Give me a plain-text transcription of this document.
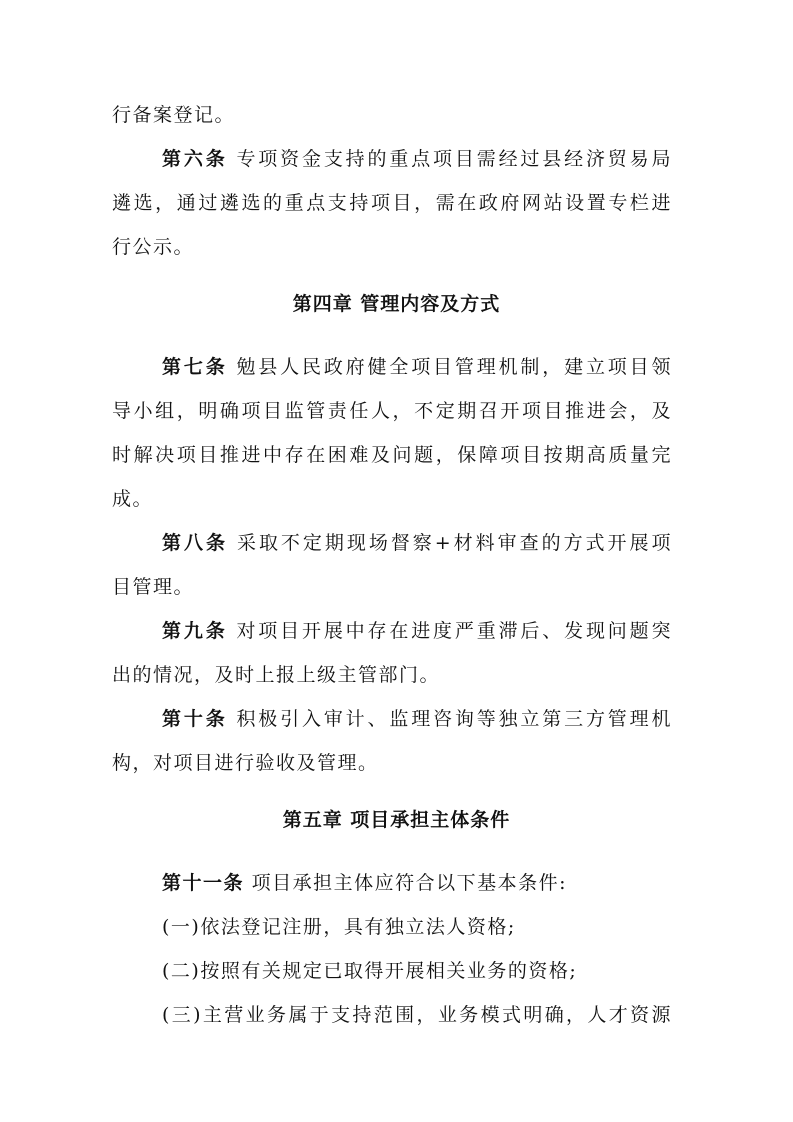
行备案登记。
第六条 专项资金支持的重点项目需经过县经济贸易局
遴选，通过遴选的重点支持项目，需在政府网站设置专栏进
行公示。
第四章 管理内容及方式
第七条 勉县人民政府健全项目管理机制，建立项目领
导小组，明确项目监管责任人，不定期召开项目推进会，及
时解决项目推进中存在困难及问题，保障项目按期高质量完
成。
第八条 采取不定期现场督察+材料审查的方式开展项
目管理。
第九条 对项目开展中存在进度严重滞后、发现问题突
出的情况，及时上报上级主管部门。
第十条 积极引入审计、监理咨询等独立第三方管理机
构，对项目进行验收及管理。
第五章 项目承担主体条件
第十一条 项目承担主体应符合以下基本条件:
(一)依法登记注册，具有独立法人资格;
(二)按照有关规定已取得开展相关业务的资格;
(三)主营业务属于支持范围，业务模式明确，人才资源
